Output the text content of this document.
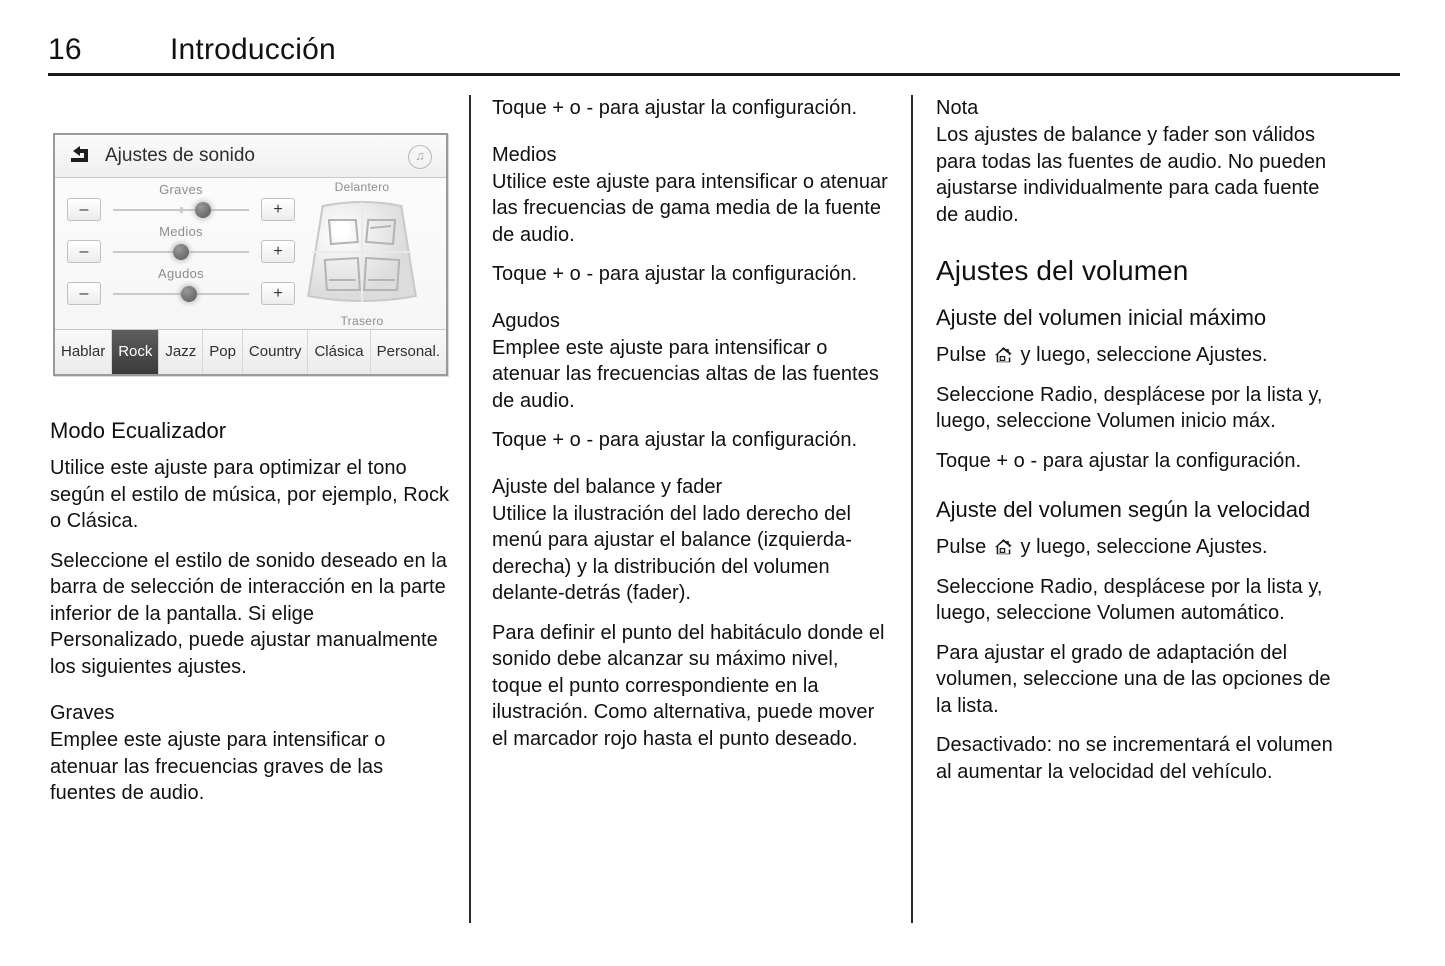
16	Introducción
Ajustes de sonido	♫
Graves
–	+
Medios
–	+
Agudos
–	+
Delantero
Trasero
Hablar Rock Jazz Pop Country Clásica Personal.
Modo Ecualizador

Utilice este ajuste para optimizar el tono según el estilo de música, por ejemplo, Rock o Clásica.

Seleccione el estilo de sonido deseado en la barra de selección de interacción en la parte inferior de la pantalla. Si elige Personalizado, puede ajustar manualmente los siguientes ajustes.

Graves

Emplee este ajuste para intensificar o atenuar las frecuencias graves de las fuentes de audio.

Toque + o - para ajustar la configuración.

Medios

Utilice este ajuste para intensificar o atenuar las frecuencias de gama media de la fuente de audio.

Toque + o - para ajustar la configuración.

Agudos

Emplee este ajuste para intensificar o atenuar las frecuencias altas de las fuentes de audio.

Toque + o - para ajustar la configuración.

Ajuste del balance y fader

Utilice la ilustración del lado derecho del menú para ajustar el balance (izquierda-derecha) y la distribución del volumen delante-detrás (fader).

Para definir el punto del habitáculo donde el sonido debe alcanzar su máximo nivel, toque el punto correspondiente en la ilustración. Como alternativa, puede mover el marcador rojo hasta el punto deseado.

Nota

Los ajustes de balance y fader son válidos para todas las fuentes de audio. No pueden ajustarse individualmente para cada fuente de audio.

Ajustes del volumen
Ajuste del volumen inicial máximo

Pulse
y luego, seleccione Ajustes.

Seleccione Radio, desplácese por la lista y, luego, seleccione Volumen inicio máx.

Toque + o - para ajustar la configuración.

Ajuste del volumen según la velocidad

Pulse
y luego, seleccione Ajustes.

Seleccione Radio, desplácese por la lista y, luego, seleccione Volumen automático.

Para ajustar el grado de adaptación del volumen, seleccione una de las opciones de la lista.

Desactivado: no se incrementará el volumen al aumentar la velocidad del vehículo.
